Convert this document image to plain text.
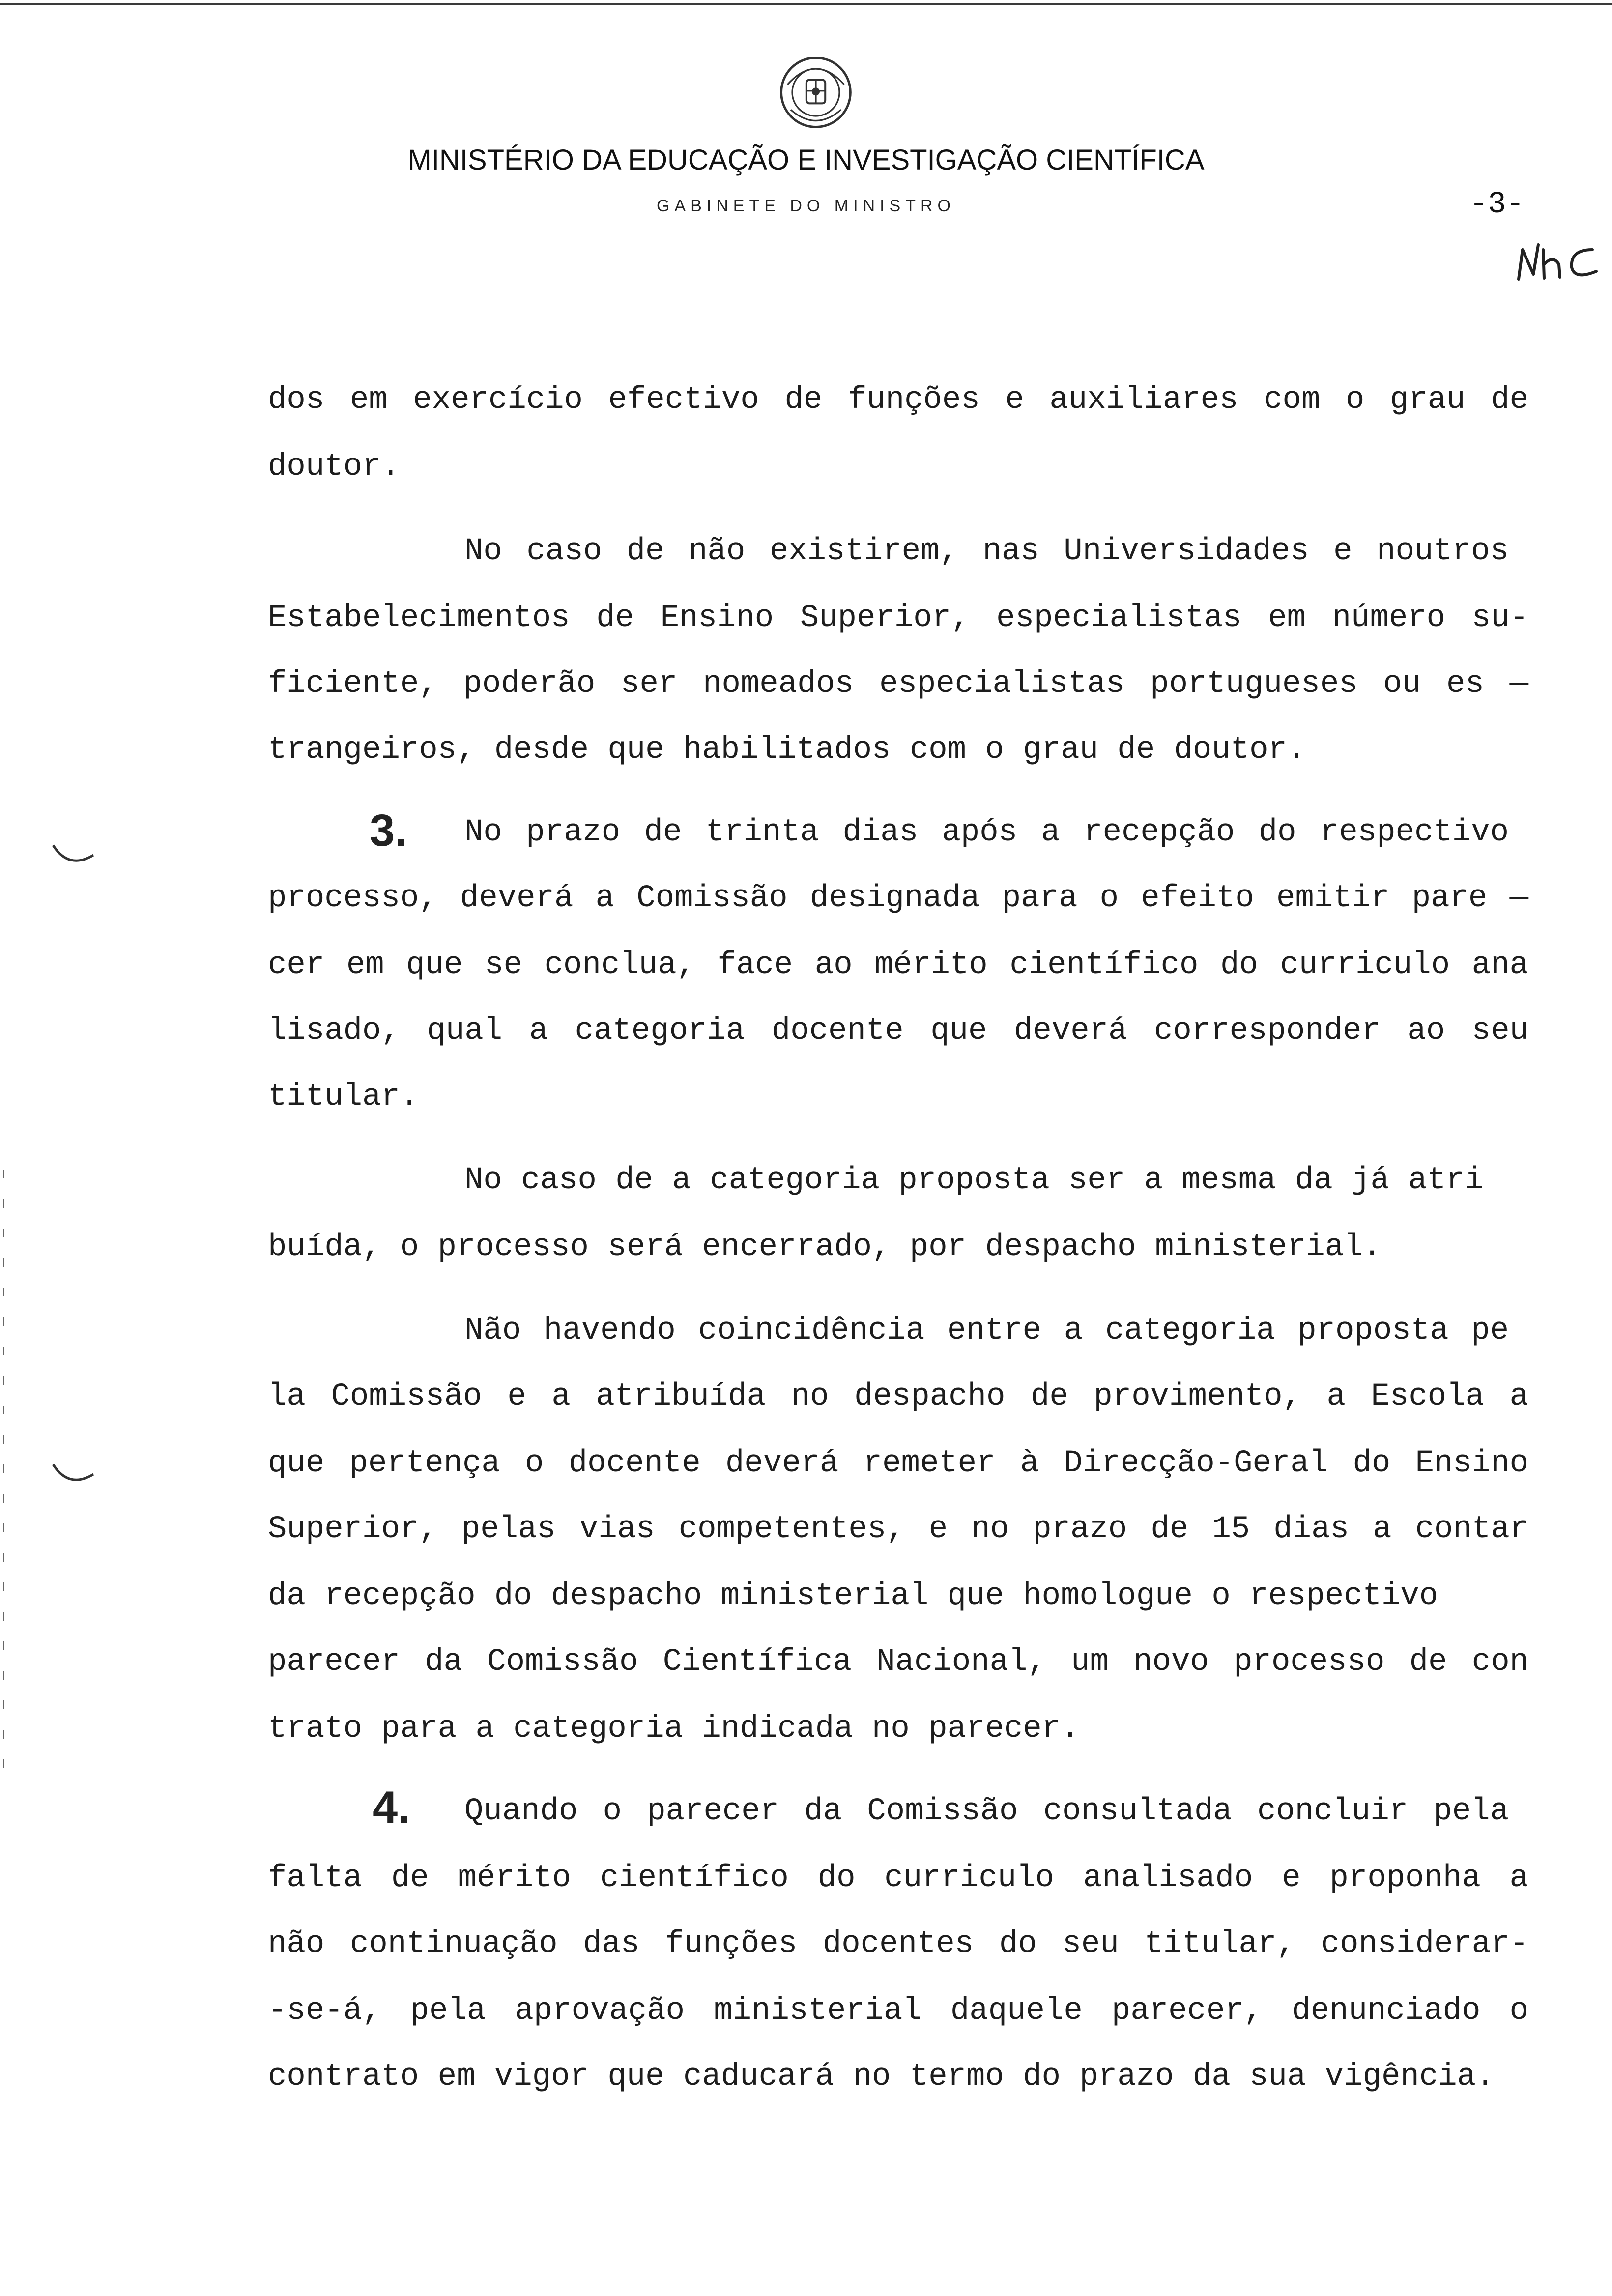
MINISTÉRIO DA EDUCAÇÃO E INVESTIGAÇÃO CIENTÍFICA
GABINETE DO MINISTRO	-3-
dos em exercício efectivo de funções e auxiliares com o grau de
doutor.
No caso de não existirem, nas Universidades e noutros
Estabelecimentos de Ensino Superior, especialistas em número su-
ficiente, poderão ser nomeados especialistas portugueses ou es —
trangeiros, desde que habilitados com o grau de doutor.
3. No prazo de trinta dias após a recepção do respectivo
processo, deverá a Comissão designada para o efeito emitir pare —
cer em que se conclua, face ao mérito científico do curriculo ana
lisado, qual a categoria docente que deverá corresponder ao seu
titular.
No caso de a categoria proposta ser a mesma da já atri
buída, o processo será encerrado, por despacho ministerial.
Não havendo coincidência entre a categoria proposta pe
la Comissão e a atribuída no despacho de provimento, a Escola a
que pertença o docente deverá remeter à Direcção-Geral do Ensino
Superior, pelas vias competentes, e no prazo de 15 dias a contar
da recepção do despacho ministerial que homologue o respectivo
parecer da Comissão Científica Nacional, um novo processo de con
trato para a categoria indicada no parecer.
4. Quando o parecer da Comissão consultada concluir pela
falta de mérito científico do curriculo analisado e proponha a
não continuação das funções docentes do seu titular, considerar-
-se-á, pela aprovação ministerial daquele parecer, denunciado o
contrato em vigor que caducará no termo do prazo da sua vigência.
